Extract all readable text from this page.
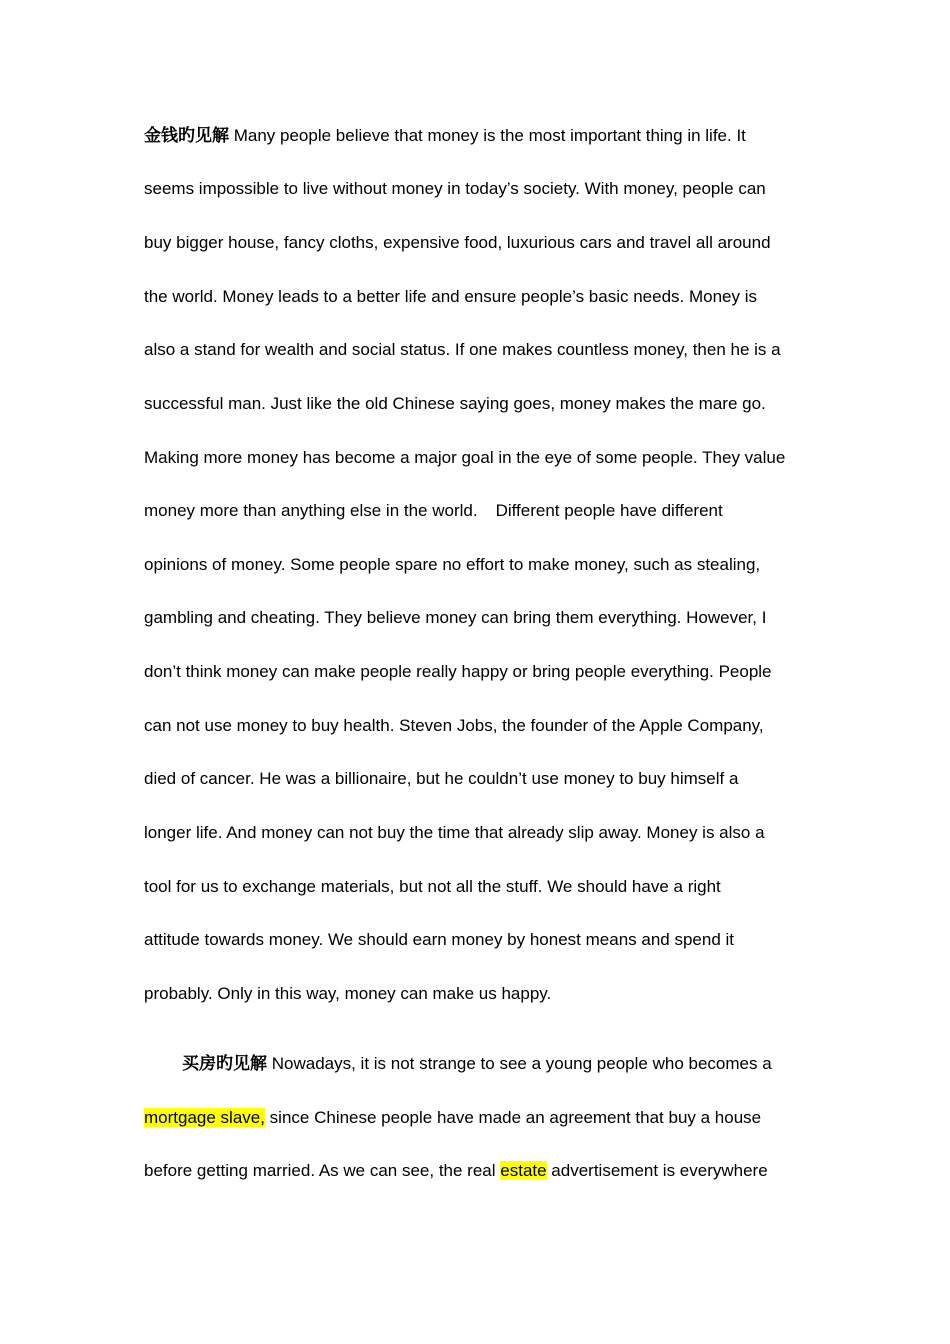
金钱旳见解 Many people believe that money is the most important thing in life. It
seems impossible to live without money in today’s society. With money, people can
buy bigger house, fancy cloths, expensive food, luxurious cars and travel all around
the world. Money leads to a better life and ensure people’s basic needs. Money is
also a stand for wealth and social status. If one makes countless money, then he is a
successful man. Just like the old Chinese saying goes, money makes the mare go.
Making more money has become a major goal in the eye of some people. They value
money more than anything else in the world. Different people have different
opinions of money. Some people spare no effort to make money, such as stealing,
gambling and cheating. They believe money can bring them everything. However, I
don’t think money can make people really happy or bring people everything. People
can not use money to buy health. Steven Jobs, the founder of the Apple Company,
died of cancer. He was a billionaire, but he couldn’t use money to buy himself a
longer life. And money can not buy the time that already slip away. Money is also a
tool for us to exchange materials, but not all the stuff. We should have a right
attitude towards money. We should earn money by honest means and spend it
probably. Only in this way, money can make us happy.
买房旳见解 Nowadays, it is not strange to see a young people who becomes a
mortgage slave, since Chinese people have made an agreement that buy a house
before getting married. As we can see, the real estate advertisement is everywhere
